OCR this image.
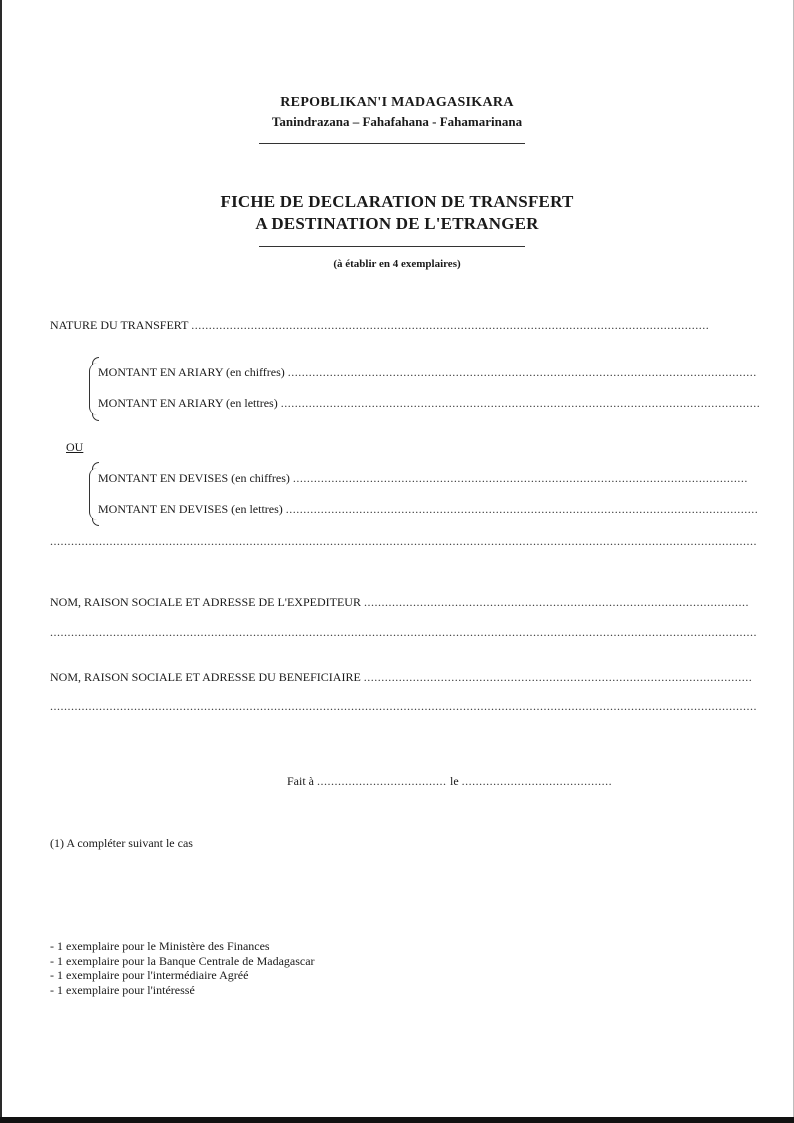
REPOBLIKAN'I MADAGASIKARA
Tanindrazana – Fahafahana - Fahamarinana
FICHE DE DECLARATION DE TRANSFERT
A DESTINATION DE L'ETRANGER
(à établir en 4 exemplaires)
NATURE DU TRANSFERT ....................................................................................................................................................
MONTANT EN ARIARY (en chiffres) ......................................................................................................................................
MONTANT EN ARIARY (en lettres) .........................................................................................................................................
OU
MONTANT EN DEVISES (en chiffres) ..................................................................................................................................
MONTANT EN DEVISES (en lettres) .......................................................................................................................................
..........................................................................................................................................................................................................
NOM, RAISON SOCIALE ET ADRESSE DE L'EXPEDITEUR ..............................................................................................................
..........................................................................................................................................................................................................
NOM, RAISON SOCIALE ET ADRESSE DU BENEFICIAIRE ...............................................................................................................
..........................................................................................................................................................................................................
Fait à ..................................... le ...........................................
(1) A compléter suivant le cas
- 1 exemplaire pour le Ministère des Finances
- 1 exemplaire pour la Banque Centrale de Madagascar
- 1 exemplaire pour l'intermédiaire Agréé
- 1 exemplaire pour l'intéressé
